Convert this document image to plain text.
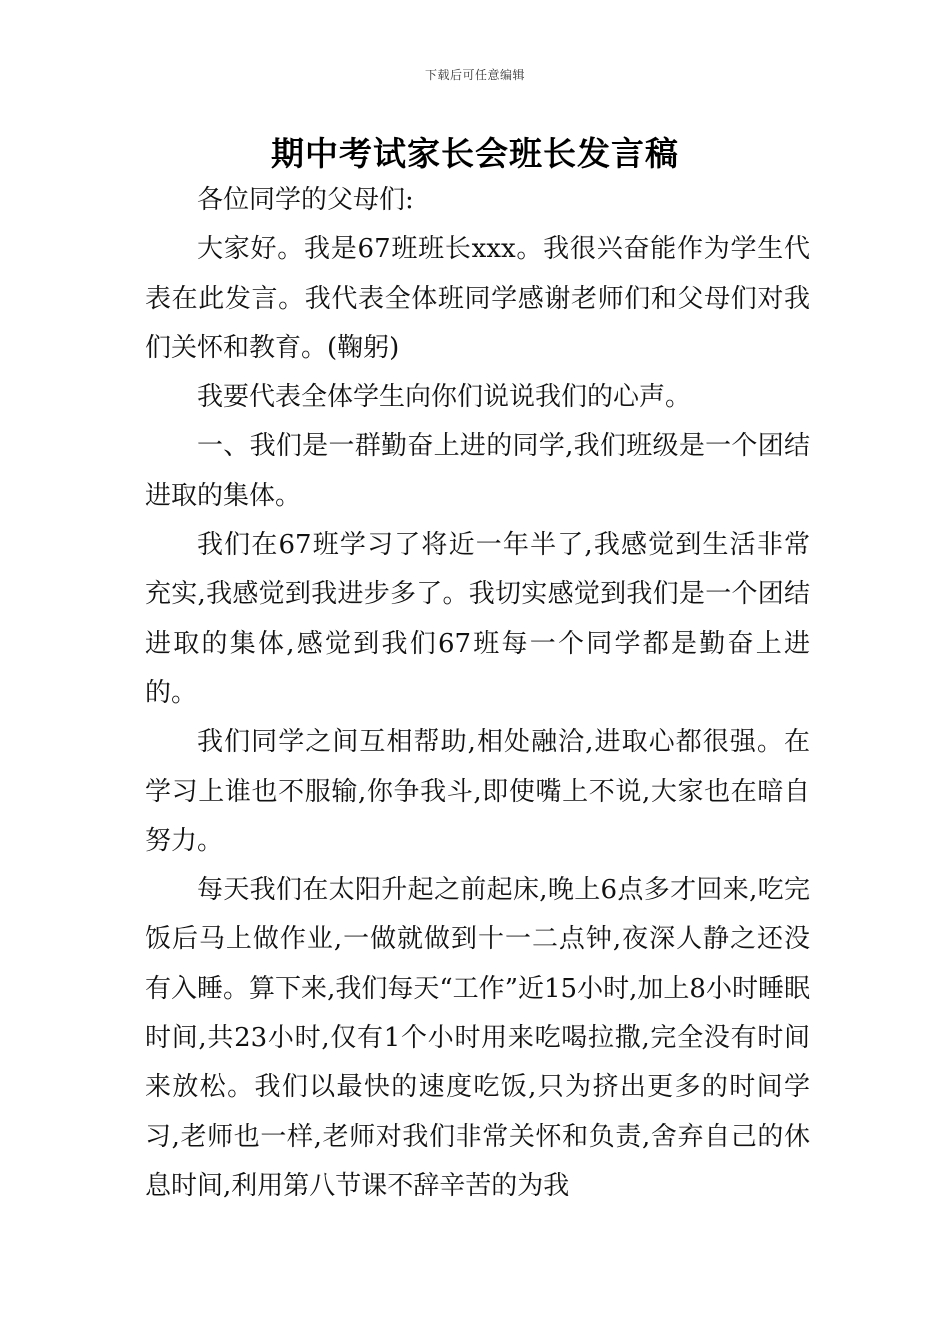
下载后可任意编辑
期中考试家长会班长发言稿

各位同学的父母们:

大家好。我是67班班长xxx。我很兴奋能作为学生代表在此发言。我代表全体班同学感谢老师们和父母们对我们关怀和教育。(鞠躬)

我要代表全体学生向你们说说我们的心声。

一、我们是一群勤奋上进的同学,我们班级是一个团结进取的集体。

我们在67班学习了将近一年半了,我感觉到生活非常充实,我感觉到我进步多了。我切实感觉到我们是一个团结进取的集体,感觉到我们67班每一个同学都是勤奋上进的。

我们同学之间互相帮助,相处融洽,进取心都很强。在学习上谁也不服输,你争我斗,即使嘴上不说,大家也在暗自努力。

每天我们在太阳升起之前起床,晚上6点多才回来,吃完饭后马上做作业,一做就做到十一二点钟,夜深人静之还没有入睡。算下来,我们每天“工作”近15小时,加上8小时睡眠时间,共23小时,仅有1个小时用来吃喝拉撒,完全没有时间来放松。我们以最快的速度吃饭,只为挤出更多的时间学习,老师也一样,老师对我们非常关怀和负责,舍弃自己的休息时间,利用第八节课不辞辛苦的为我
